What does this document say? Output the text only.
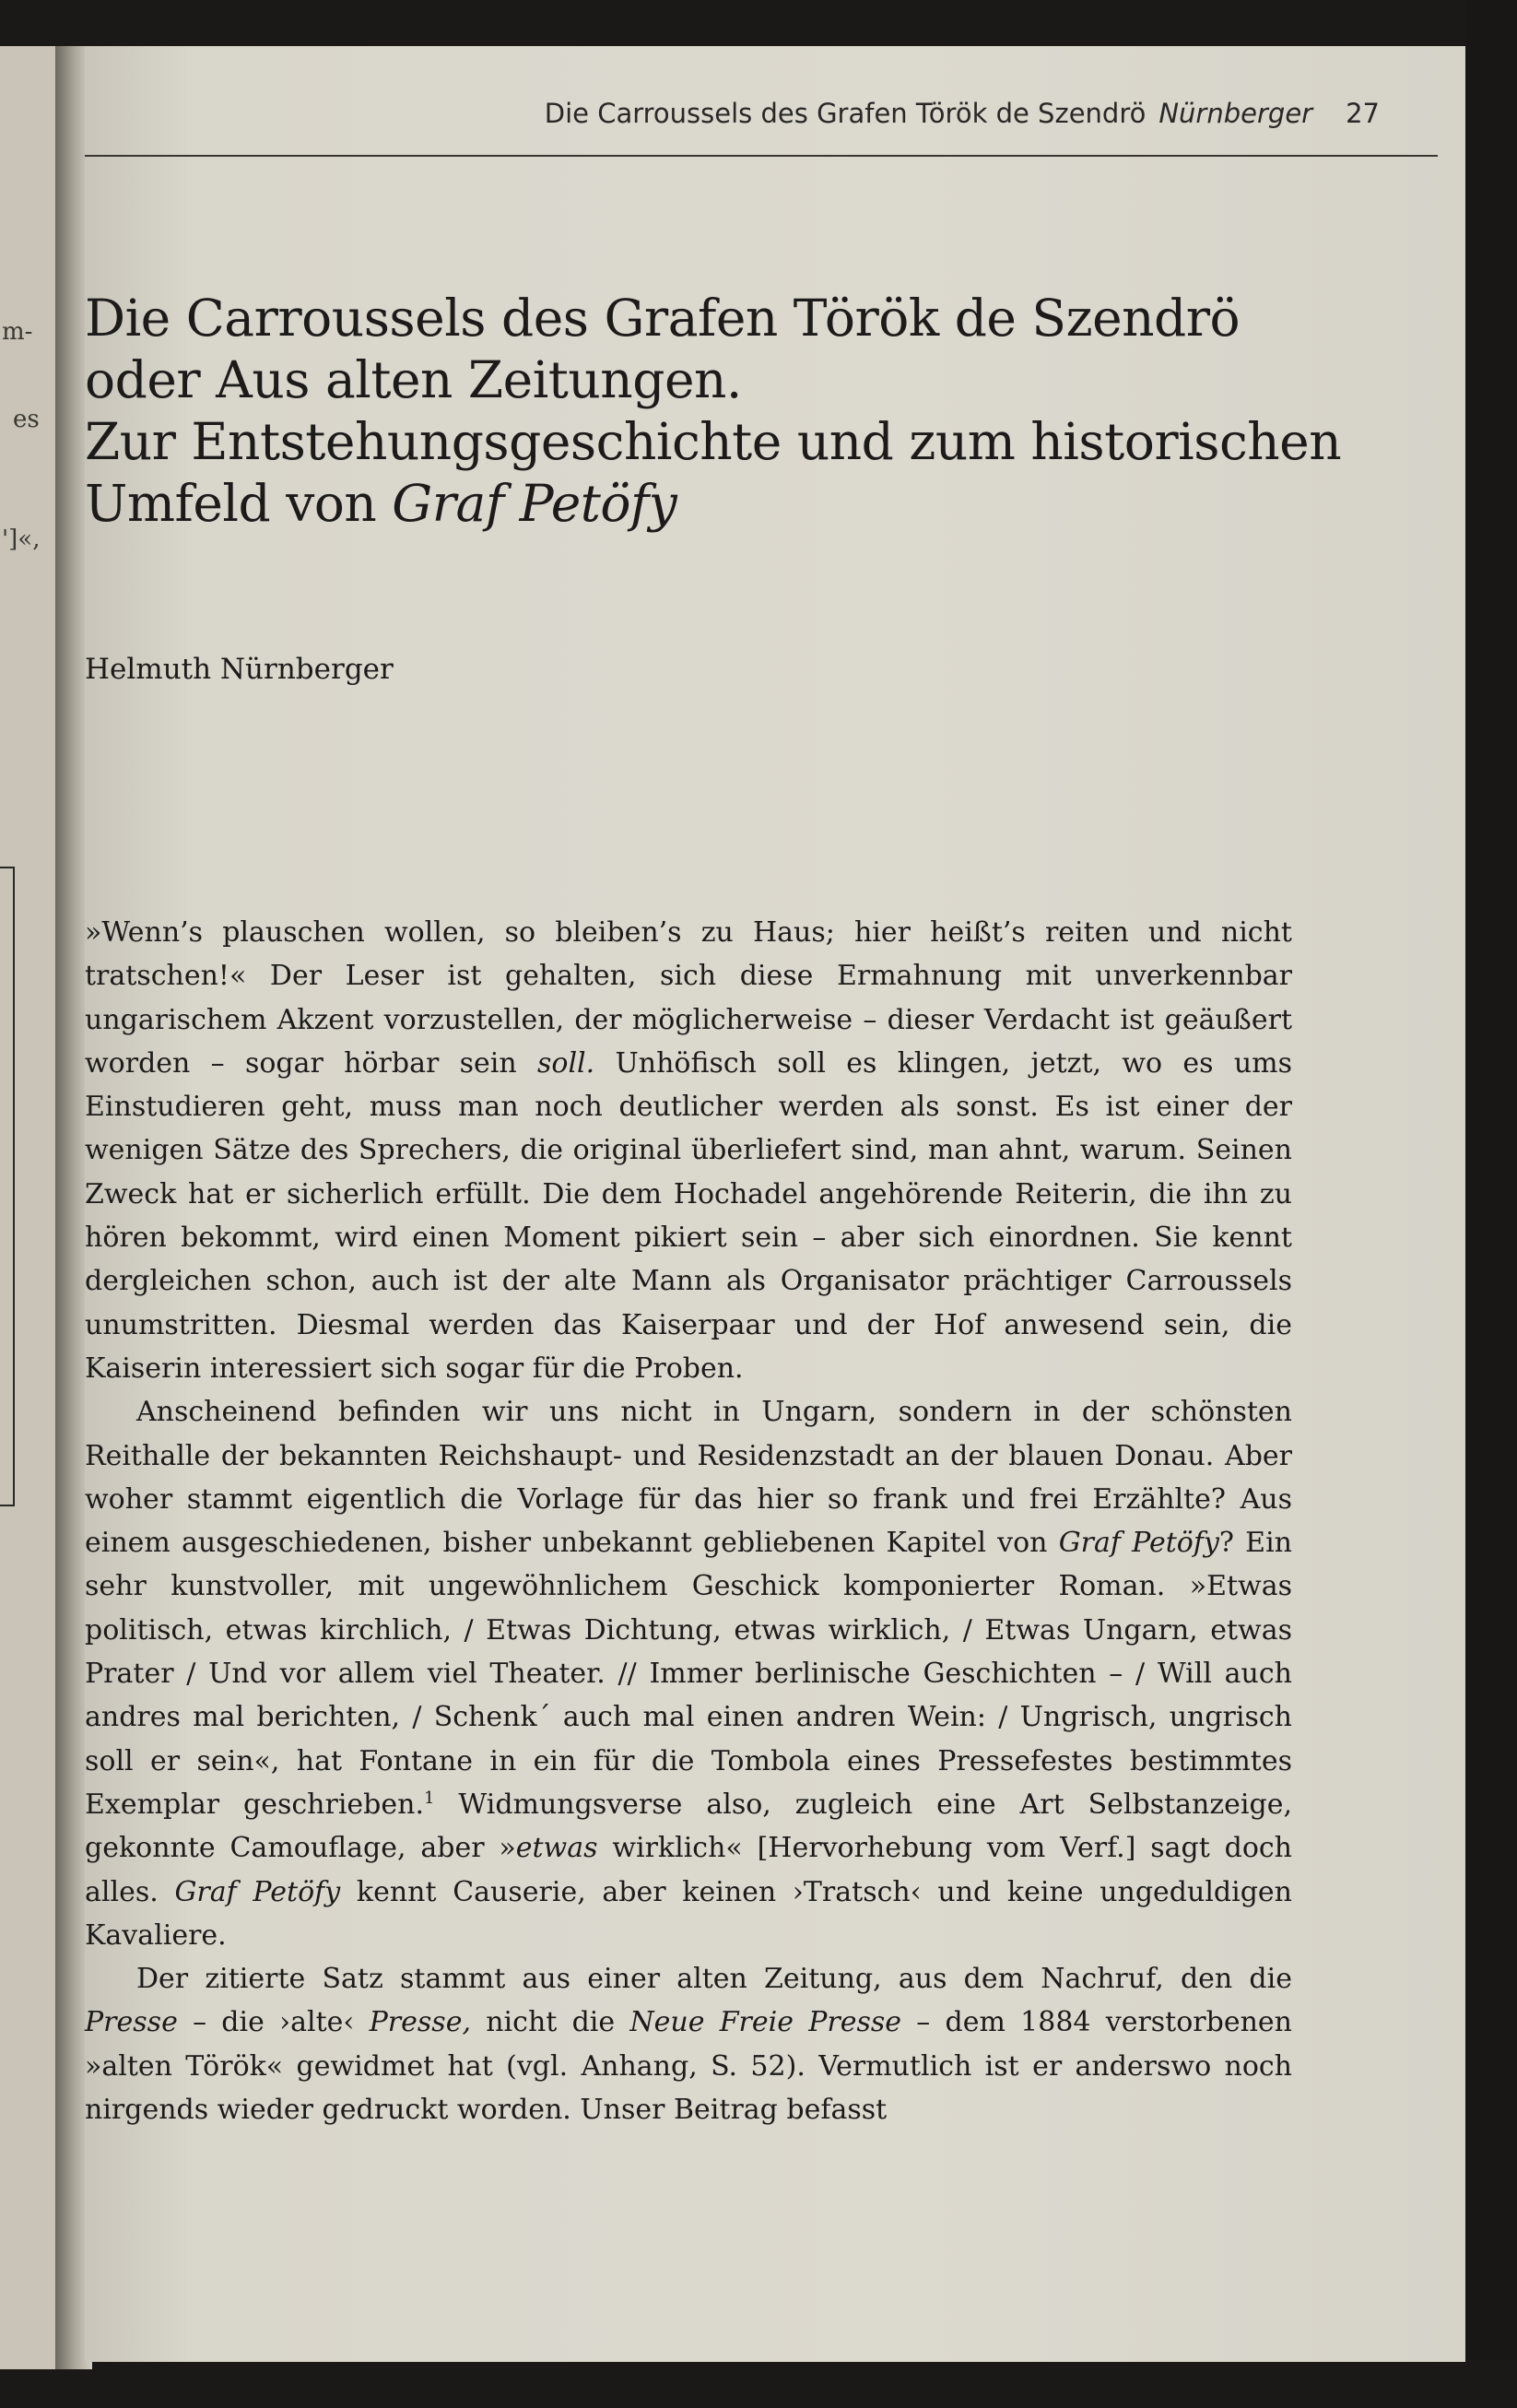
m-
es
']«,
Die Carroussels des Grafen Török de Szendrö Nürnberger 27
Die Carroussels des Grafen Török de Szendrö
oder Aus alten Zeitungen.
Zur Entstehungsgeschichte und zum historischen
Umfeld von Graf Petöfy
Helmuth Nürnberger

»Wenn’s plauschen wollen, so bleiben’s zu Haus; hier heißt’s reiten und nicht tratschen!« Der Leser ist gehalten, sich diese Ermahnung mit unverkennbar ungarischem Akzent vorzustellen, der möglicherweise – dieser Verdacht ist geäußert worden – sogar hörbar sein soll. Unhöfisch soll es klingen, jetzt, wo es ums Einstudieren geht, muss man noch deutlicher werden als sonst. Es ist einer der wenigen Sätze des Sprechers, die original überliefert sind, man ahnt, warum. Seinen Zweck hat er sicherlich erfüllt. Die dem Hochadel angehörende Reiterin, die ihn zu hören bekommt, wird einen Moment pikiert sein – aber sich einordnen. Sie kennt dergleichen schon, auch ist der alte Mann als Organisator prächtiger Carroussels unumstritten. Diesmal werden das Kaiserpaar und der Hof anwesend sein, die Kaiserin interessiert sich sogar für die Proben.

Anscheinend befinden wir uns nicht in Ungarn, sondern in der schönsten Reithalle der bekannten Reichshaupt- und Residenzstadt an der blauen Donau. Aber woher stammt eigentlich die Vorlage für das hier so frank und frei Erzählte? Aus einem ausgeschiedenen, bisher unbekannt gebliebenen Kapitel von Graf Petöfy? Ein sehr kunstvoller, mit ungewöhnlichem Geschick komponierter Roman. »Etwas politisch, etwas kirchlich, / Etwas Dichtung, etwas wirklich, / Etwas Ungarn, etwas Prater / Und vor allem viel Theater. // Immer berlinische Geschichten – / Will auch andres mal berichten, / Schenk´ auch mal einen andren Wein: / Ungrisch, ungrisch soll er sein«, hat Fontane in ein für die Tombola eines Pressefestes bestimmtes Exemplar geschrieben.$^1$ Widmungsverse also, zugleich eine Art Selbstanzeige, gekonnte Camouflage, aber »etwas wirklich« [Hervorhebung vom Verf.] sagt doch alles. Graf Petöfy kennt Causerie, aber keinen ›Tratsch‹ und keine ungeduldigen Kavaliere.

Der zitierte Satz stammt aus einer alten Zeitung, aus dem Nachruf, den die Presse – die ›alte‹ Presse, nicht die Neue Freie Presse – dem 1884 verstorbenen »alten Török« gewidmet hat (vgl. Anhang, S. 52). Vermutlich ist er anderswo noch nirgends wieder gedruckt worden. Unser Beitrag befasst
